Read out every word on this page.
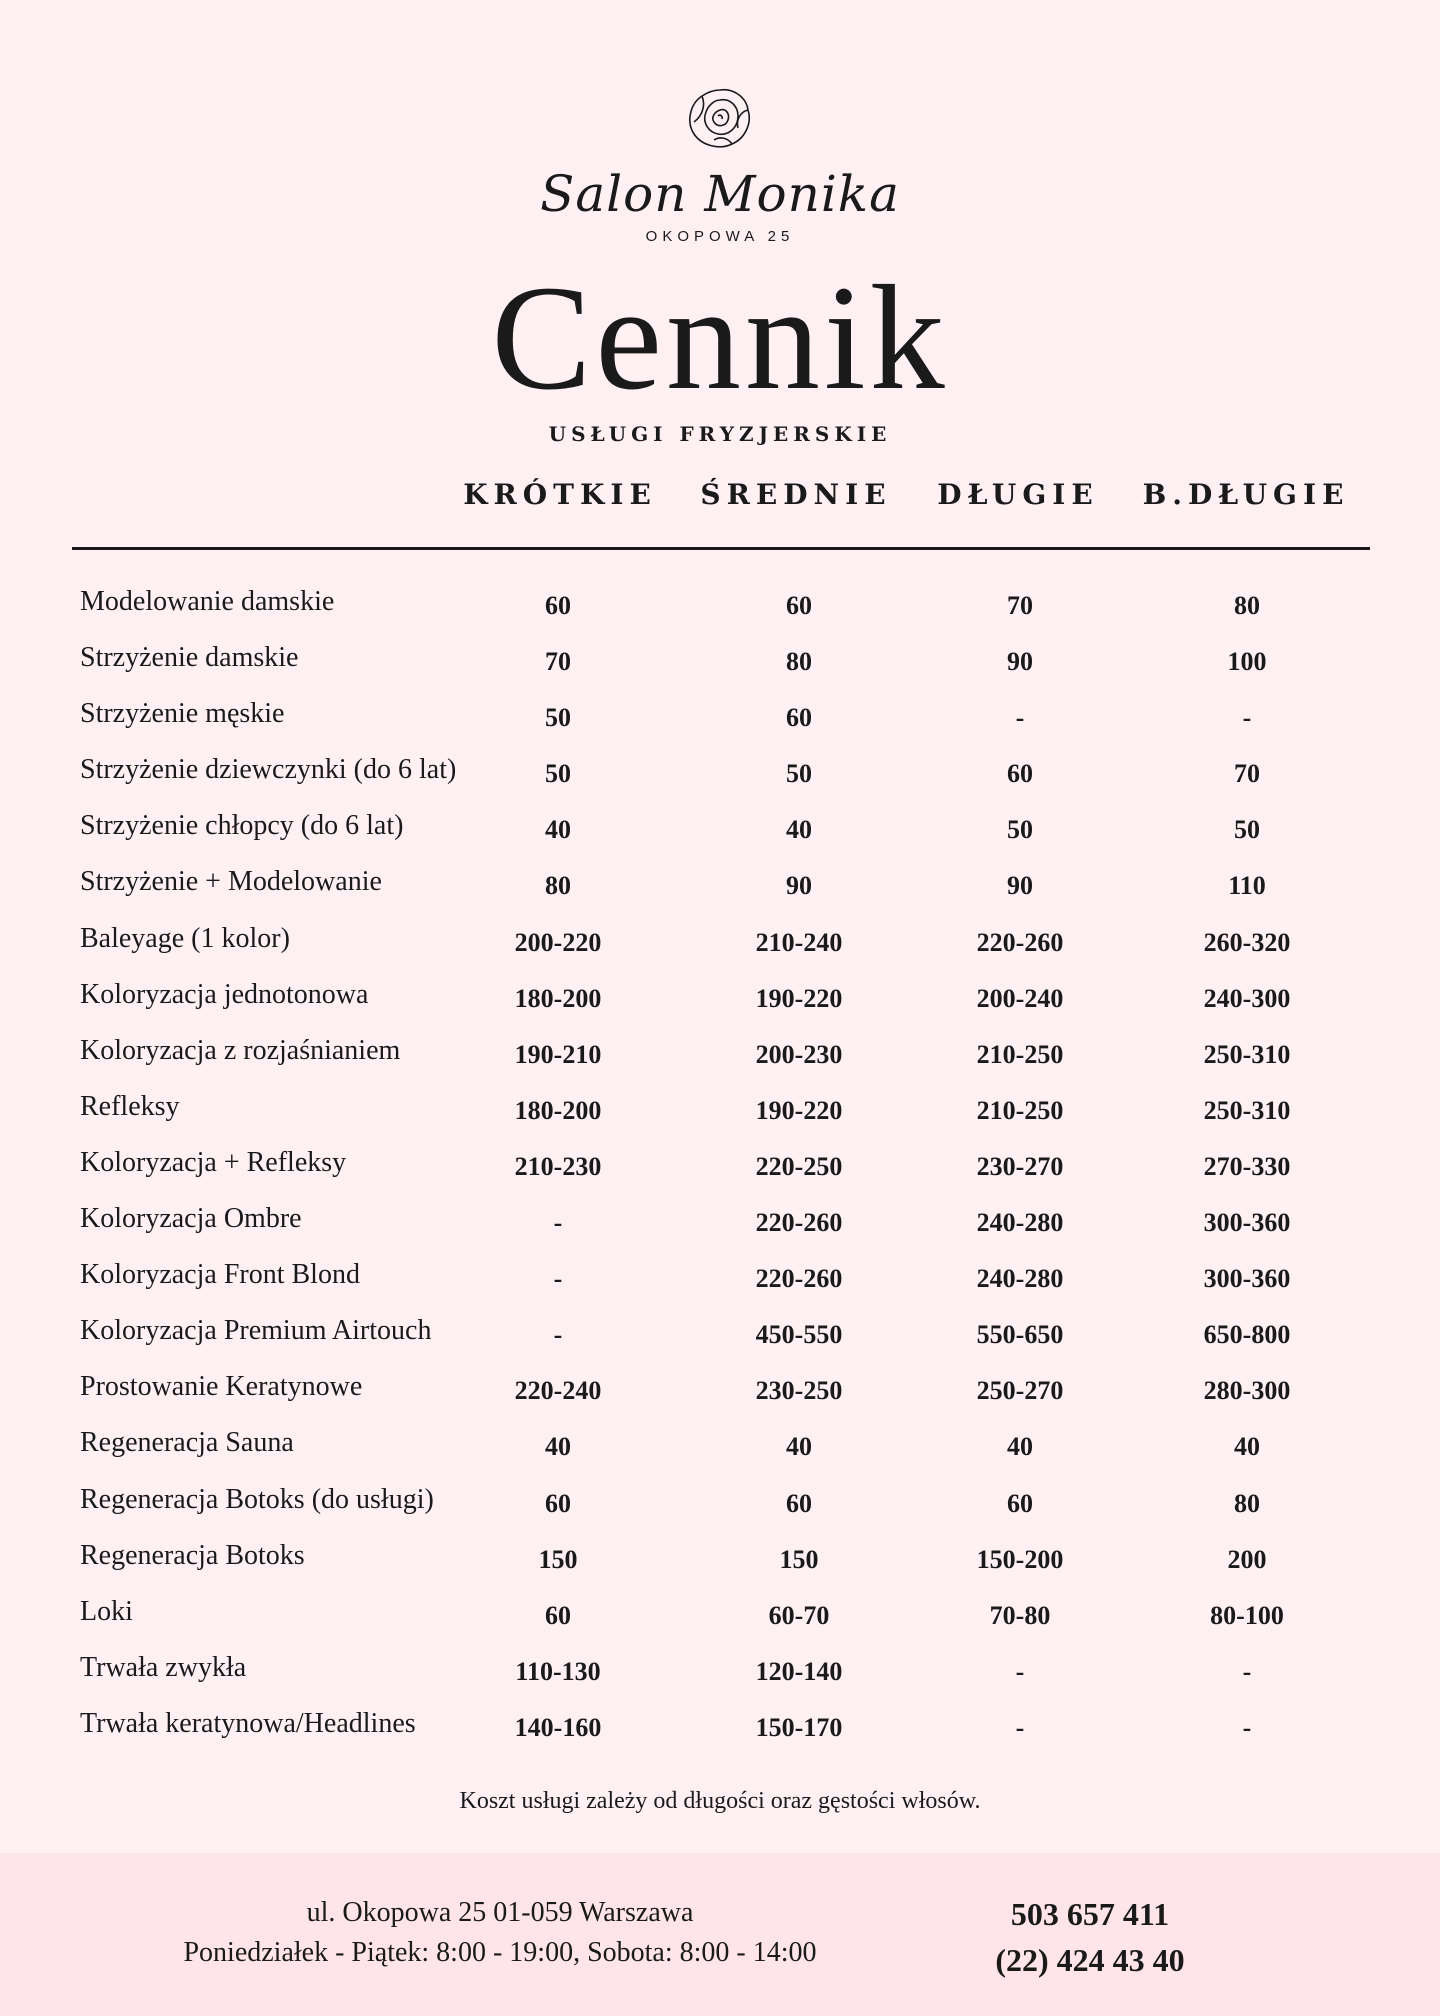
Salon Monika
OKOPOWA 25
Cennik
USŁUGI FRYZJERSKIE
KRÓTKIE	ŚREDNIE	DŁUGIE	B.DŁUGIE
Modelowanie damskie	60	60	70	80
Strzyżenie damskie	70	80	90	100
Strzyżenie męskie	50	60	-	-
Strzyżenie dziewczynki (do 6 lat)	50	50	60	70
Strzyżenie chłopcy (do 6 lat)	40	40	50	50
Strzyżenie + Modelowanie	80	90	90	110
Baleyage (1 kolor)	200-220	210-240	220-260	260-320
Koloryzacja jednotonowa	180-200	190-220	200-240	240-300
Koloryzacja z rozjaśnianiem	190-210	200-230	210-250	250-310
Refleksy	180-200	190-220	210-250	250-310
Koloryzacja + Refleksy	210-230	220-250	230-270	270-330
Koloryzacja Ombre	-	220-260	240-280	300-360
Koloryzacja Front Blond	-	220-260	240-280	300-360
Koloryzacja Premium Airtouch	-	450-550	550-650	650-800
Prostowanie Keratynowe	220-240	230-250	250-270	280-300
Regeneracja Sauna	40	40	40	40
Regeneracja Botoks (do usługi)	60	60	60	80
Regeneracja Botoks	150	150	150-200	200
Loki	60	60-70	70-80	80-100
Trwała zwykła	110-130	120-140	-	-
Trwała keratynowa/Headlines	140-160	150-170	-	-
Koszt usługi zależy od długości oraz gęstości włosów.
ul. Okopowa 25 01-059 Warszawa
Poniedziałek - Piątek: 8:00 - 19:00, Sobota: 8:00 - 14:00
503 657 411
(22) 424 43 40
